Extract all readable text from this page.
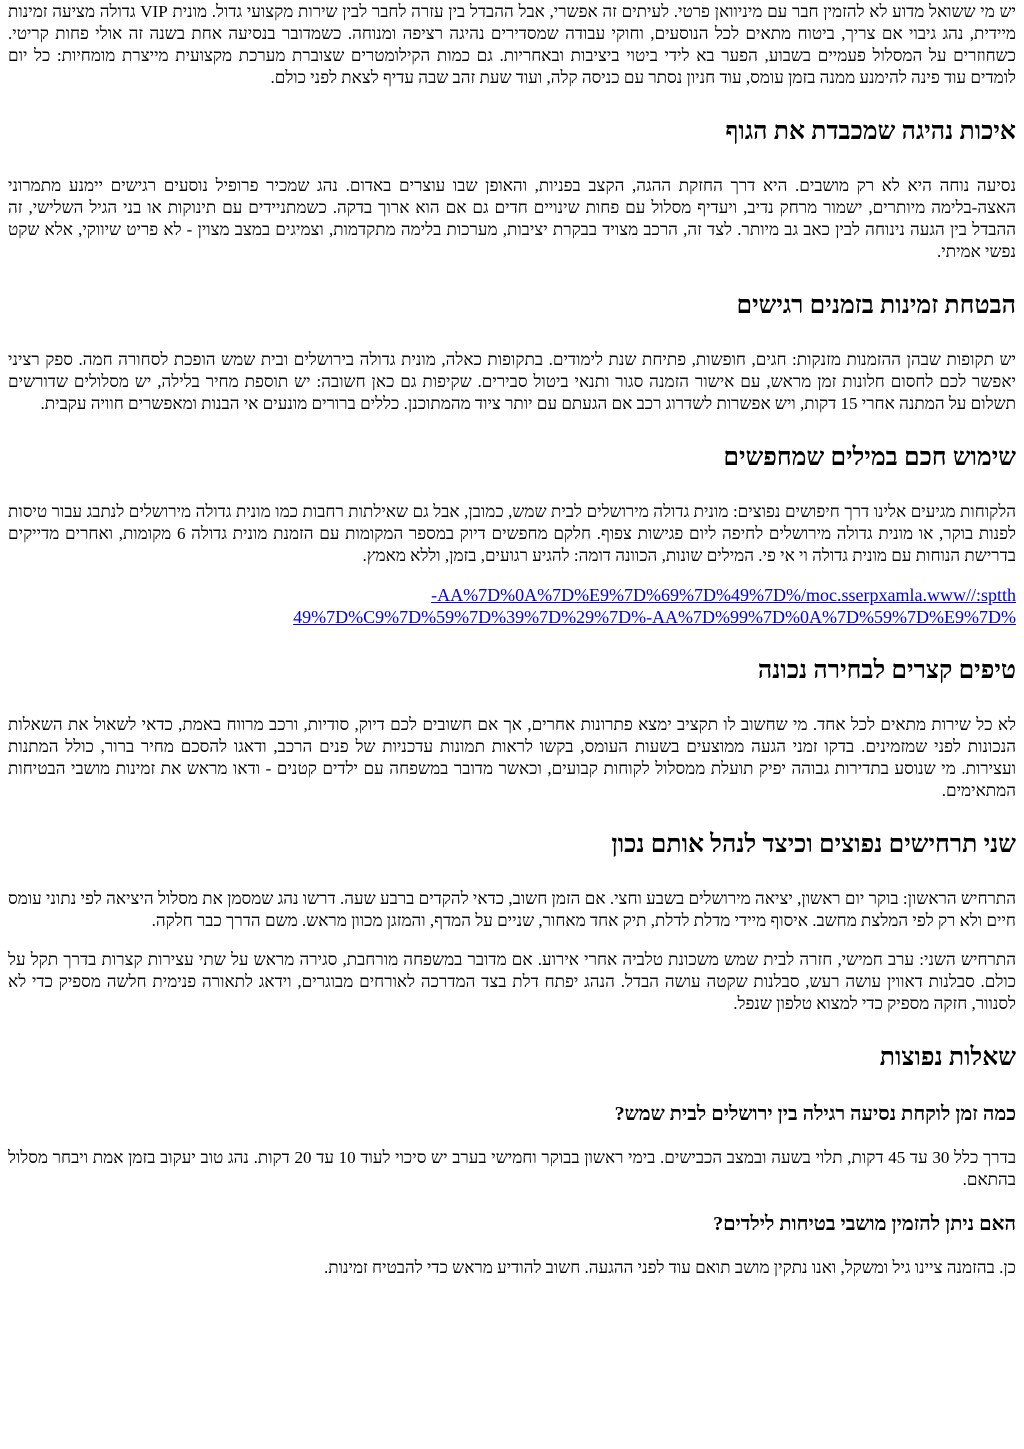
יש מי ששואל מדוע לא להזמין חבר עם מיניוואן פרטי. לעיתים זה אפשרי, אבל ההבדל בין עזרה לחבר לבין שירות מקצועי גדול. מונית VIP גדולה מציעה זמינות מיידית, נהג גיבוי אם צריך, ביטוח מתאים לכל הנוסעים, וחוקי עבודה שמסדירים נהיגה רציפה ומנוחה. כשמדובר בנסיעה אחת בשנה זה אולי פחות קריטי. כשחוזרים על המסלול פעמיים בשבוע, הפער בא לידי ביטוי ביציבות ובאחריות. גם כמות הקילומטרים שצוברת מערכת מקצועית מייצרת מומחיות: כל יום לומדים עוד פינה להימנע ממנה בזמן עומס, עוד חניון נסתר עם כניסה קלה, ועוד שעת זהב שבה עדיף לצאת לפני כולם.

איכות נהיגה שמכבדת את הגוף

נסיעה נוחה היא לא רק מושבים. היא דרך החזקת ההגה, הקצב בפניות, והאופן שבו עוצרים באדום. נהג שמכיר פרופיל נוסעים רגישים יימנע מתמרוני האצה-בלימה מיותרים, ישמור מרחק נדיב, ויעדיף מסלול עם פחות שינויים חדים גם אם הוא ארוך בדקה. כשמתניידים עם תינוקות או בני הגיל השלישי, זה ההבדל בין הגעה נינוחה לבין כאב גב מיותר. לצד זה, הרכב מצויד בבקרת יציבות, מערכות בלימה מתקדמות, וצמיגים במצב מצוין - לא פריט שיווקי, אלא שקט נפשי אמיתי.

הבטחת זמינות בזמנים רגישים

יש תקופות שבהן ההזמנות מזנקות: חגים, חופשות, פתיחת שנת לימודים. בתקופות כאלה, מונית גדולה בירושלים ובית שמש הופכת לסחורה חמה. ספק רציני יאפשר לכם לחסום חלונות זמן מראש, עם אישור הזמנה סגור ותנאי ביטול סבירים. שקיפות גם כאן חשובה: יש תוספת מחיר בלילה, יש מסלולים שדורשים תשלום על המתנה אחרי 15 דקות, ויש אפשרות לשדרוג רכב אם הגעתם עם יותר ציוד מהמתוכנן. כללים ברורים מונעים אי הבנות ומאפשרים חוויה עקבית.

שימוש חכם במילים שמחפשים

הלקוחות מגיעים אלינו דרך חיפושים נפוצים: מונית גדולה מירושלים לבית שמש, כמובן, אבל גם שאילתות רחבות כמו מונית גדולה מירושלים לנתבג עבור טיסות לפנות בוקר, או מונית גדולה מירושלים לחיפה ליום פגישות צפוף. חלקם מחפשים דיוק במספר המקומות עם הזמנת מונית גדולה 6 מקומות, ואחרים מדייקים בדרישת הנוחות עם מונית גדולה וי אי פי. המילים שונות, הכוונה דומה: להגיע רגועים, בזמן, וללא מאמץ.

-AA%7D%0A%7D%E9%7D%69%7D%49%7D%/moc.sserpxamla.www//:sptth
49%7D%C9%7D%59%7D%39%7D%29%7D%-AA%7D%99%7D%0A%7D%59%7D%E9%7D%
טיפים קצרים לבחירה נכונה

לא כל שירות מתאים לכל אחד. מי שחשוב לו תקציב ימצא פתרונות אחרים, אך אם חשובים לכם דיוק, סודיות, ורכב מרווח באמת, כדאי לשאול את השאלות הנכונות לפני שמזמינים. בדקו זמני הגעה ממוצעים בשעות העומס, בקשו לראות תמונות עדכניות של פנים הרכב, ודאגו להסכם מחיר ברור, כולל המתנות ועצירות. מי שנוסע בתדירות גבוהה יפיק תועלת ממסלול לקוחות קבועים, וכאשר מדובר במשפחה עם ילדים קטנים - ודאו מראש את זמינות מושבי הבטיחות המתאימים.

שני תרחישים נפוצים וכיצד לנהל אותם נכון

התרחיש הראשון: בוקר יום ראשון, יציאה מירושלים בשבע וחצי. אם הזמן חשוב, כדאי להקדים ברבע שעה. דרשו נהג שמסמן את מסלול היציאה לפי נתוני עומס חיים ולא רק לפי המלצת מחשב. איסוף מיידי מדלת לדלת, תיק אחד מאחור, שניים על המדף, והמזגן מכוון מראש. משם הדרך כבר חלקה.

התרחיש השני: ערב חמישי, חזרה לבית שמש משכונת טלביה אחרי אירוע. אם מדובר במשפחה מורחבת, סגירה מראש על שתי עצירות קצרות בדרך תקל על כולם. סבלנות דאווין עושה רעש, סבלנות שקטה עושה הבדל. הנהג יפתח דלת בצד המדרכה לאורחים מבוגרים, וידאג לתאורה פנימית חלשה מספיק כדי לא לסנוור, חזקה מספיק כדי למצוא טלפון שנפל.

שאלות נפוצות
כמה זמן לוקחת נסיעה רגילה בין ירושלים לבית שמש?

בדרך כלל 30 עד 45 דקות, תלוי בשעה ובמצב הכבישים. בימי ראשון בבוקר וחמישי בערב יש סיכוי לעוד 10 עד 20 דקות. נהג טוב יעקוב בזמן אמת ויבחר מסלול בהתאם.

האם ניתן להזמין מושבי בטיחות לילדים?

כן. בהזמנה ציינו גיל ומשקל, ואנו נתקין מושב תואם עוד לפני ההגעה. חשוב להודיע מראש כדי להבטיח זמינות.
